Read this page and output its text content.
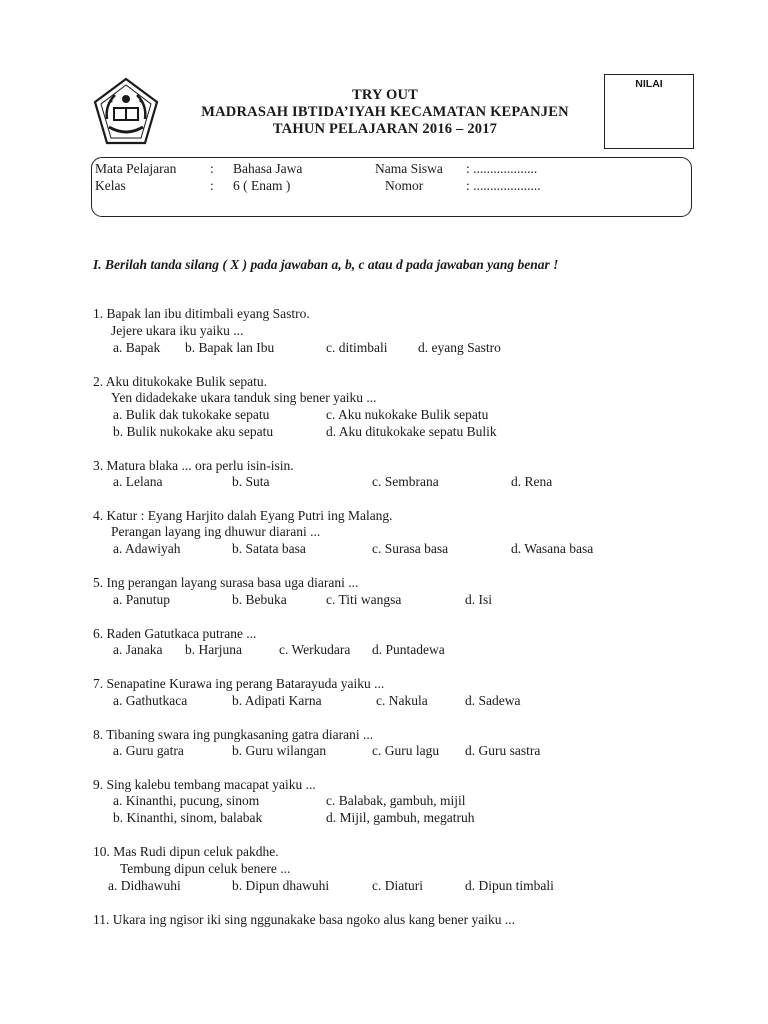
TRY OUT
MADRASAH IBTIDA’IYAH KECAMATAN KEPANJEN
TAHUN PELAJARAN 2016 – 2017
NILAI
Mata Pelajaran : Bahasa Jawa	Nama Siswa : ...................
Kelas	: 6 ( Enam )	Nomor	: ....................
I. Berilah tanda silang ( X ) pada jawaban a, b, c atau d pada jawaban yang benar !
1. Bapak lan ibu ditimbali eyang Sastro.
Jejere ukara iku yaiku ...
a. Bapak b. Bapak lan Ibu	c. ditimbali d. eyang Sastro
2. Aku ditukokake Bulik sepatu.
Yen didadekake ukara tanduk sing bener yaiku ...
a. Bulik dak tukokake sepatu	c. Aku nukokake Bulik sepatu
b. Bulik nukokake aku sepatu	d. Aku ditukokake sepatu Bulik
3. Matura blaka ... ora perlu isin-isin.
a. Lelana	b. Suta	c. Sembrana	d. Rena
4. Katur : Eyang Harjito dalah Eyang Putri ing Malang.
Perangan layang ing dhuwur diarani ...
a. Adawiyah	b. Satata basa	c. Surasa basa	d. Wasana basa
5. Ing perangan layang surasa basa uga diarani ...
a. Panutup	b. Bebuka	c. Titi wangsa	d. Isi
6. Raden Gatutkaca putrane ...
a. Janaka b. Harjuna	c. Werkudara d. Puntadewa
7. Senapatine Kurawa ing perang Batarayuda yaiku ...
a. Gathutkaca	b. Adipati Karna	c. Nakula	d. Sadewa
8. Tibaning swara ing pungkasaning gatra diarani ...
a. Guru gatra	b. Guru wilangan	c. Guru lagu d. Guru sastra
9. Sing kalebu tembang macapat yaiku ...
a. Kinanthi, pucung, sinom	c. Balabak, gambuh, mijil
b. Kinanthi, sinom, balabak	d. Mijil, gambuh, megatruh
10. Mas Rudi dipun celuk pakdhe.
Tembung dipun celuk benere ...
a. Didhawuhi	b. Dipun dhawuhi	c. Diaturi	d. Dipun timbali
11. Ukara ing ngisor iki sing nggunakake basa ngoko alus kang bener yaiku ...
